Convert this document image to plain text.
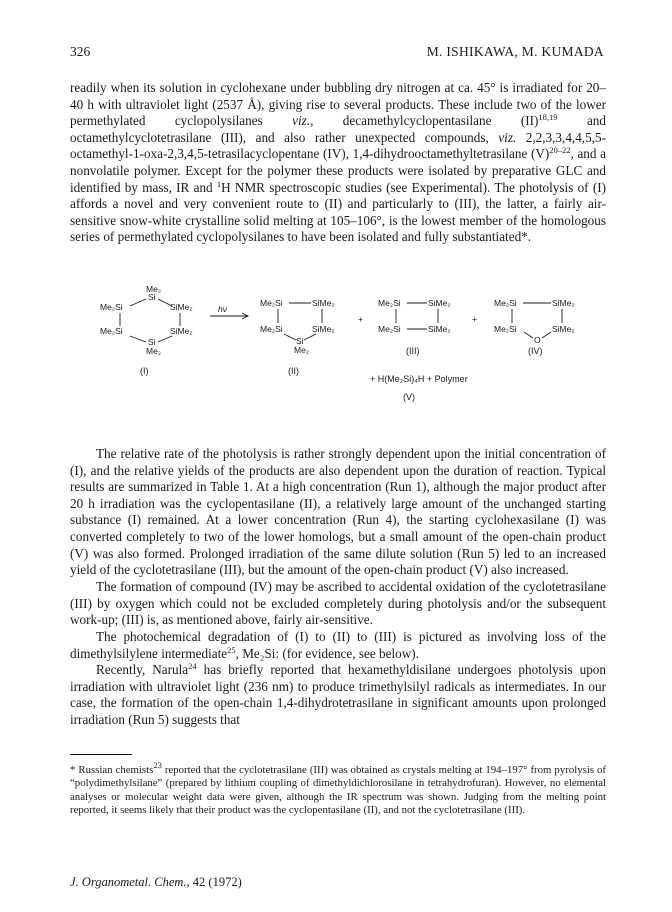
326	M. ISHIKAWA, M. KUMADA

readily when its solution in cyclohexane under bubbling dry nitrogen at ca. 45° is irradiated for 20–40 h with ultraviolet light (2537 Å), giving rise to several products. These include two of the lower permethylated cyclopolysilanes viz., decamethylcyclopentasilane (II)$^{18,19}$ and octamethylcyclotetrasilane (III), and also rather unexpected compounds, viz. 2,2,3,3,4,4,5,5-octamethyl-1-oxa-2,3,4,5-tetrasilacyclopentane (IV), 1,4-dihydrooctamethyltetrasilane $(V)^{20-22}$, and a nonvolatile polymer. Except for the polymer these products were isolated by preparative GLC and identified by mass, IR and $^1$H NMR spectroscopic studies (see Experimental). The photolysis of (I) affords a novel and very convenient route to (II) and particularly to (III), the latter, a fairly air-sensitive snow-white crystalline solid melting at 105–106°, is the lowest member of the homologous series of permethylated cyclopolysilanes to have been isolated and fully substantiated*.

Me₂
Si
Me₂Si	SiMe₂
Me₂Si	SiMe₂
Si
Me₂
(I)
hν
Me₂Si	SiMe₂
Me₂Si	SiMe₂
Si
Me₂
(II)
+
Me₂Si	SiMe₂
Me₂Si	SiMe₂
(III)
+
Me₂Si	SiMe₂
Me₂Si	SiMe₂
O
(IV)
+ H(Me₂Si)₄H + Polymer
(V)

The relative rate of the photolysis is rather strongly dependent upon the initial concentration of (I), and the relative yields of the products are also dependent upon the duration of reaction. Typical results are summarized in Table 1. At a high concentration (Run 1), although the major product after 20 h irradiation was the cyclopentasilane (II), a relatively large amount of the unchanged starting substance (I) remained. At a lower concentration (Run 4), the starting cyclohexasilane (I) was converted completely to two of the lower homologs, but a small amount of the open-chain product (V) was also formed. Prolonged irradiation of the same dilute solution (Run 5) led to an increased yield of the cyclotetrasilane (III), but the amount of the open-chain product (V) also increased.

The formation of compound (IV) may be ascribed to accidental oxidation of the cyclotetrasilane (III) by oxygen which could not be excluded completely during photolysis and/or the subsequent work-up; (III) is, as mentioned above, fairly air-sensitive.

The photochemical degradation of (I) to (II) to (III) is pictured as involving loss of the dimethylsilylene intermediate$^{25}$, Me₂Si: (for evidence, see below).

Recently, Narula$^{24}$ has briefly reported that hexamethyldisilane undergoes photolysis upon irradiation with ultraviolet light (236 nm) to produce trimethylsilyl radicals as intermediates. In our case, the formation of the open-chain 1,4-dihydrotetrasilane in significant amounts upon prolonged irradiation (Run 5) suggests that

* Russian chemists$^{23}$ reported that the cyclotetrasilane (III) was obtained as crystals melting at 194–197° from pyrolysis of “polydimethylsilane” (prepared by lithium coupling of dimethyldichlorosilane in tetrahydrofuran). However, no elemental analyses or molecular weight data were given, although the IR spectrum was shown. Judging from the melting point reported, it seems likely that their product was the cyclopentasilane (II), and not the cyclotetrasilane (III).

J. Organometal. Chem., 42 (1972)
